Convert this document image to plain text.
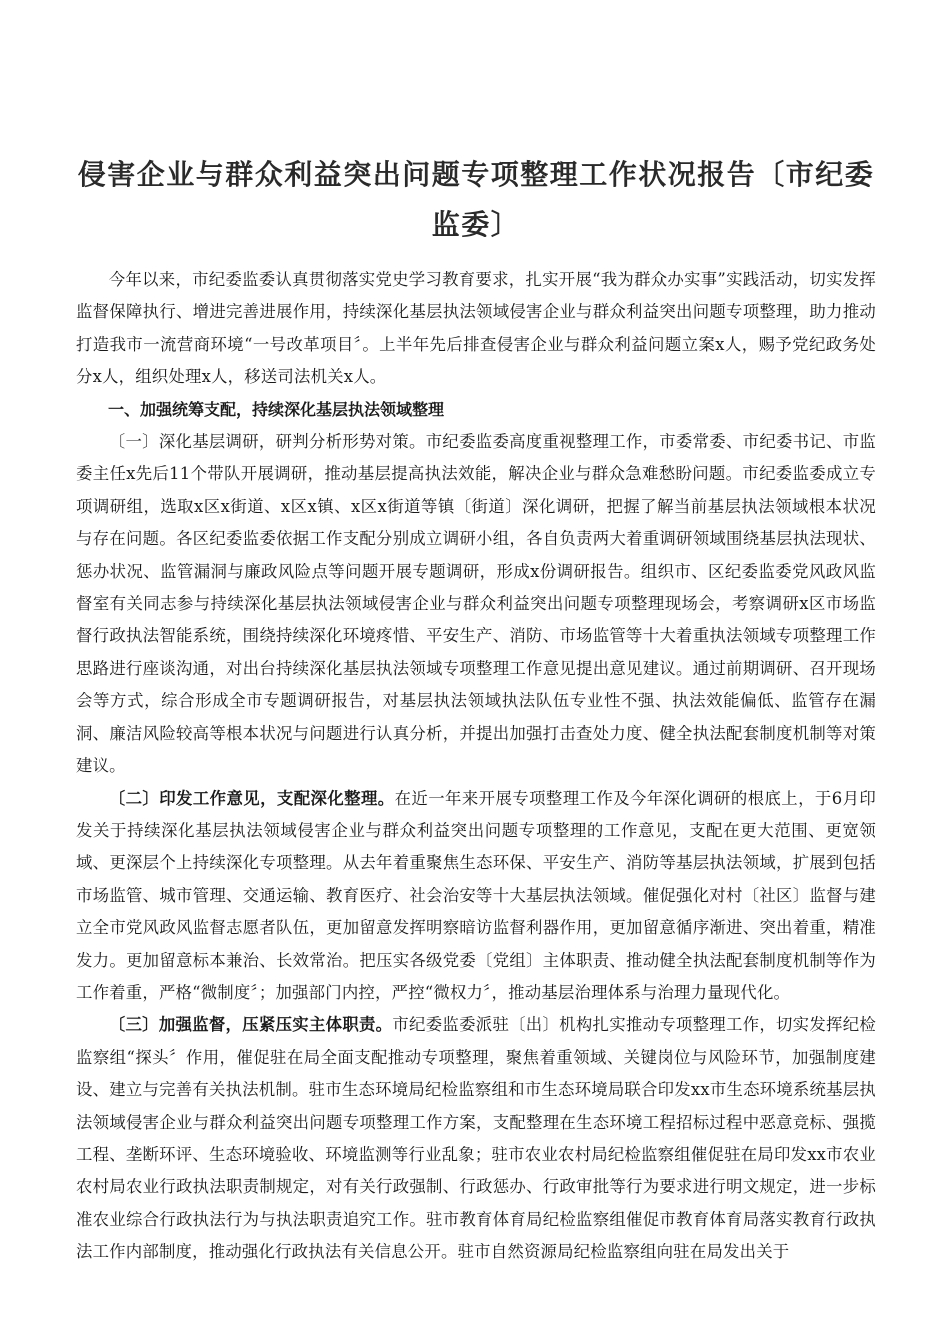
侵害企业与群众利益突出问题专项整理工作状况报告〔市纪委监委〕

今年以来，市纪委监委认真贯彻落实党史学习教育要求，扎实开展“我为群众办实事”实践活动，切实发挥监督保障执行、增进完善进展作用，持续深化基层执法领域侵害企业与群众利益突出问题专项整理，助力推动打造我市一流营商环境“一号改革项目〞。上半年先后排查侵害企业与群众利益问题立案x人，赐予党纪政务处分x人，组织处理x人，移送司法机关x人。

一、加强统筹支配，持续深化基层执法领域整理

〔一〕深化基层调研，研判分析形势对策。市纪委监委高度重视整理工作，市委常委、市纪委书记、市监委主任x先后11个带队开展调研，推动基层提高执法效能，解决企业与群众急难愁盼问题。市纪委监委成立专项调研组，选取x区x街道、x区x镇、x区x街道等镇〔街道〕深化调研，把握了解当前基层执法领域根本状况与存在问题。各区纪委监委依据工作支配分别成立调研小组，各自负责两大着重调研领域围绕基层执法现状、惩办状况、监管漏洞与廉政风险点等问题开展专题调研，形成x份调研报告。组织市、区纪委监委党风政风监督室有关同志参与持续深化基层执法领域侵害企业与群众利益突出问题专项整理现场会，考察调研x区市场监督行政执法智能系统，围绕持续深化环境疼惜、平安生产、消防、市场监管等十大着重执法领域专项整理工作思路进行座谈沟通，对出台持续深化基层执法领域专项整理工作意见提出意见建议。通过前期调研、召开现场会等方式，综合形成全市专题调研报告，对基层执法领域执法队伍专业性不强、执法效能偏低、监管存在漏洞、廉洁风险较高等根本状况与问题进行认真分析，并提出加强打击查处力度、健全执法配套制度机制等对策建议。

〔二〕印发工作意见，支配深化整理。在近一年来开展专项整理工作及今年深化调研的根底上，于6月印发关于持续深化基层执法领域侵害企业与群众利益突出问题专项整理的工作意见，支配在更大范围、更宽领域、更深层个上持续深化专项整理。从去年着重聚焦生态环保、平安生产、消防等基层执法领域，扩展到包括市场监管、城市管理、交通运输、教育医疗、社会治安等十大基层执法领域。催促强化对村〔社区〕监督与建立全市党风政风监督志愿者队伍，更加留意发挥明察暗访监督利器作用，更加留意循序渐进、突出着重，精准发力。更加留意标本兼治、长效常治。把压实各级党委〔党组〕主体职责、推动健全执法配套制度机制等作为工作着重，严格“微制度〞；加强部门内控，严控“微权力〞，推动基层治理体系与治理力量现代化。

〔三〕加强监督，压紧压实主体职责。市纪委监委派驻〔出〕机构扎实推动专项整理工作，切实发挥纪检监察组“探头〞作用，催促驻在局全面支配推动专项整理，聚焦着重领域、关键岗位与风险环节，加强制度建设、建立与完善有关执法机制。驻市生态环境局纪检监察组和市生态环境局联合印发xx市生态环境系统基层执法领域侵害企业与群众利益突出问题专项整理工作方案，支配整理在生态环境工程招标过程中恶意竞标、强揽工程、垄断环评、生态环境验收、环境监测等行业乱象；驻市农业农村局纪检监察组催促驻在局印发xx市农业农村局农业行政执法职责制规定，对有关行政强制、行政惩办、行政审批等行为要求进行明文规定，进一步标准农业综合行政执法行为与执法职责追究工作。驻市教育体育局纪检监察组催促市教育体育局落实教育行政执法工作内部制度，推动强化行政执法有关信息公开。驻市自然资源局纪检监察组向驻在局发出关于
